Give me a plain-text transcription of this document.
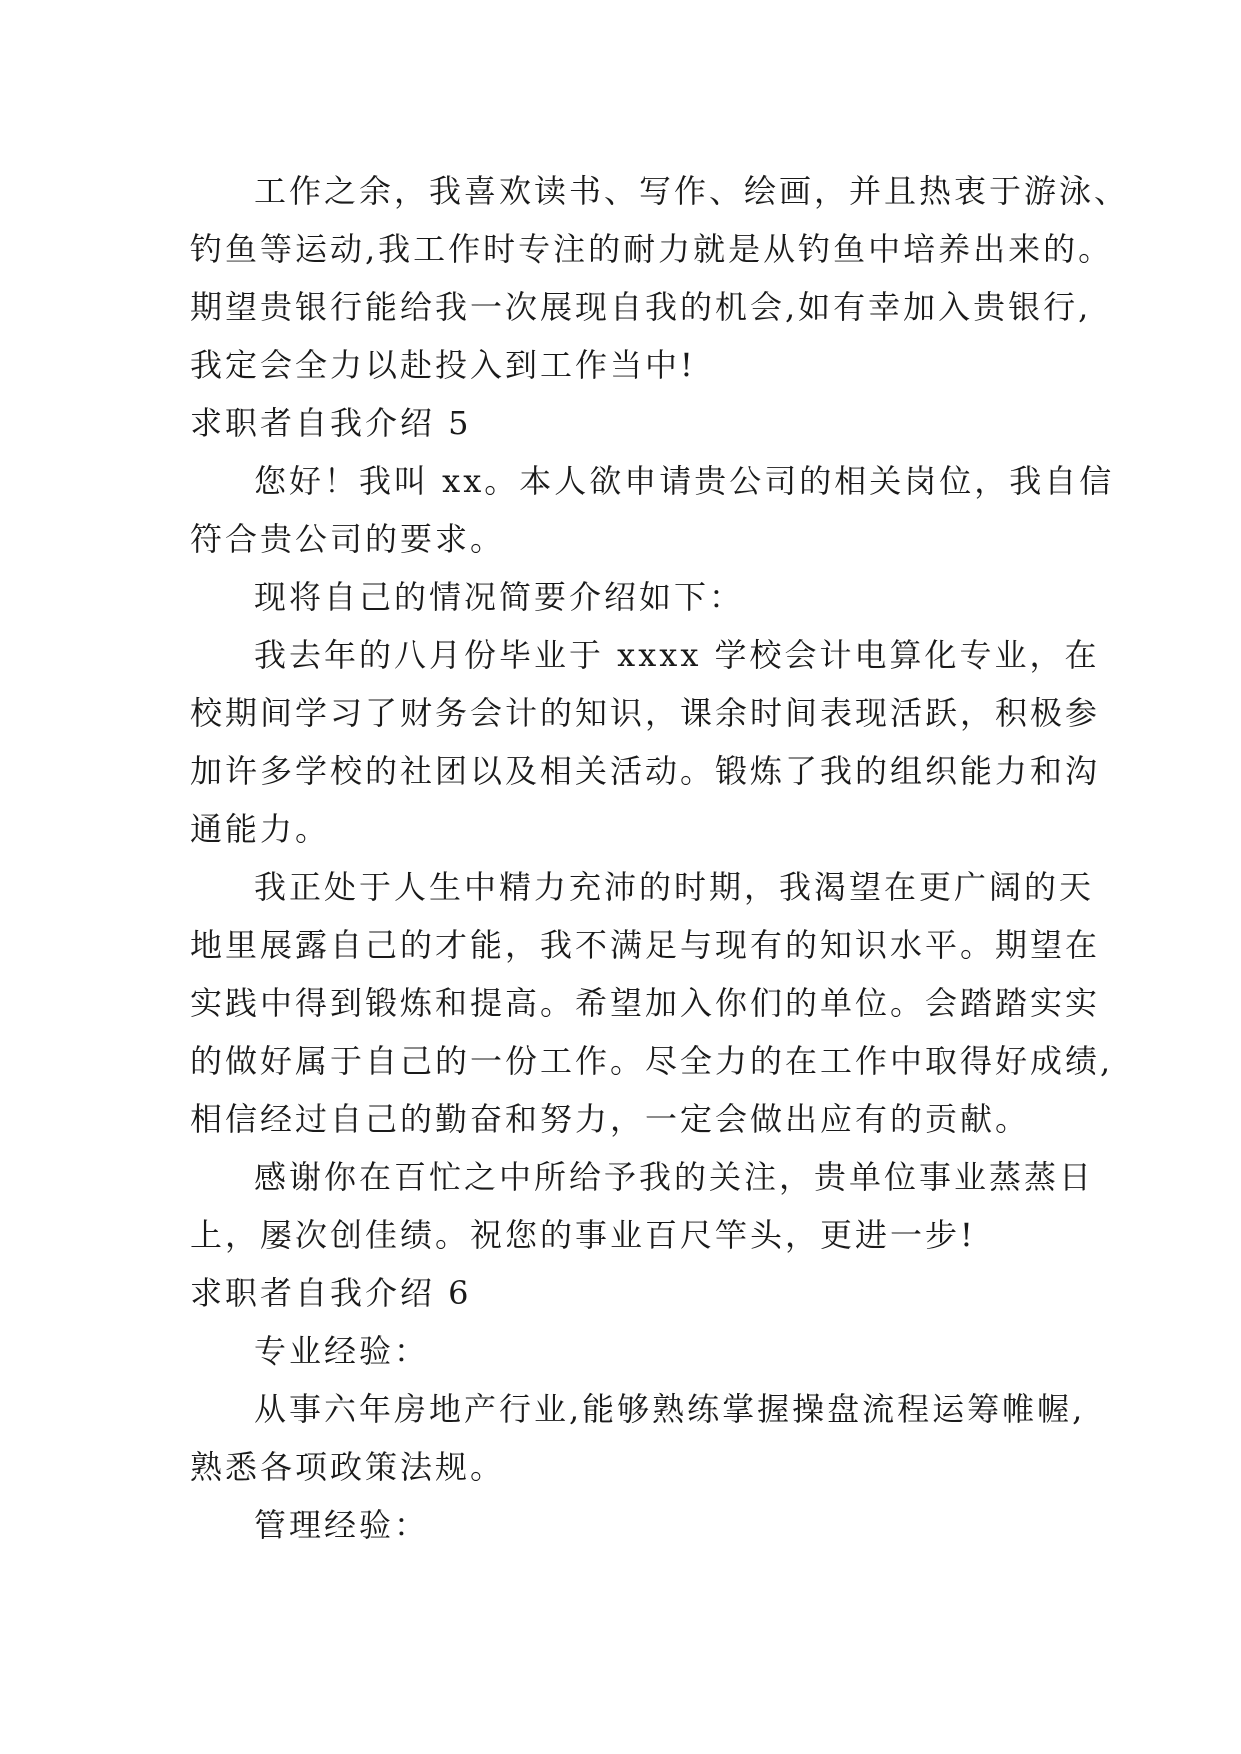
工作之余，我喜欢读书、写作、绘画，并且热衷于游泳、
钓鱼等运动,我工作时专注的耐力就是从钓鱼中培养出来的。
期望贵银行能给我一次展现自我的机会,如有幸加入贵银行,
我定会全力以赴投入到工作当中!
求职者自我介绍 5
您好！我叫 xx。本人欲申请贵公司的相关岗位，我自信
符合贵公司的要求。
现将自己的情况简要介绍如下：
我去年的八月份毕业于 xxxx 学校会计电算化专业，在
校期间学习了财务会计的知识，课余时间表现活跃，积极参
加许多学校的社团以及相关活动。锻炼了我的组织能力和沟
通能力。
我正处于人生中精力充沛的时期，我渴望在更广阔的天
地里展露自己的才能，我不满足与现有的知识水平。期望在
实践中得到锻炼和提高。希望加入你们的单位。会踏踏实实
的做好属于自己的一份工作。尽全力的在工作中取得好成绩,
相信经过自己的勤奋和努力，一定会做出应有的贡献。
感谢你在百忙之中所给予我的关注，贵单位事业蒸蒸日
上，屡次创佳绩。祝您的事业百尺竿头，更进一步!
求职者自我介绍 6
专业经验：
从事六年房地产行业,能够熟练掌握操盘流程运筹帷幄,
熟悉各项政策法规。
管理经验：
